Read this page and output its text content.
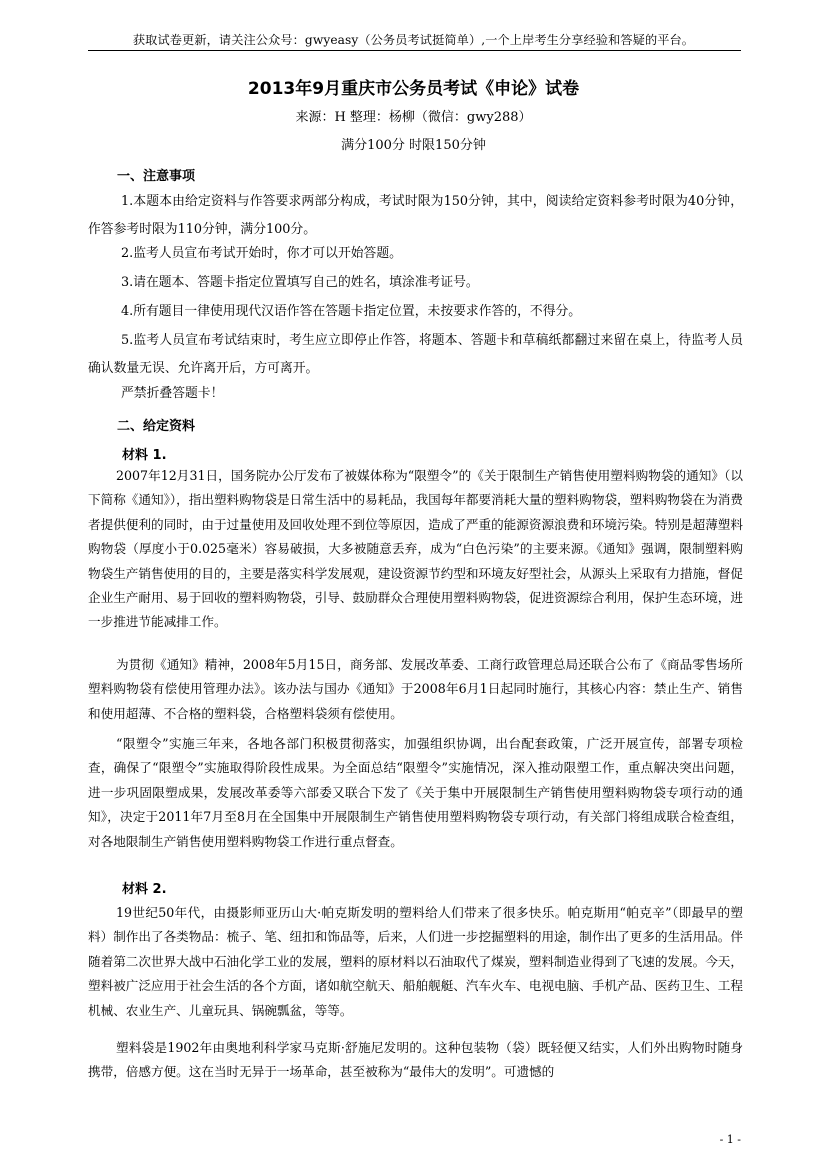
获取试卷更新，请关注公众号：gwyeasy（公务员考试挺简单）,一个上岸考生分享经验和答疑的平台。
2013年9月重庆市公务员考试《申论》试卷
来源：H 整理：杨柳（微信：gwy288）
满分100分 时限150分钟
一、注意事项
1.本题本由给定资料与作答要求两部分构成，考试时限为150分钟，其中，阅读给定资料参考时限为40分钟，作答参考时限为110分钟，满分100分。
2.监考人员宣布考试开始时，你才可以开始答题。
3.请在题本、答题卡指定位置填写自己的姓名，填涂准考证号。
4.所有题目一律使用现代汉语作答在答题卡指定位置，未按要求作答的，不得分。
5.监考人员宣布考试结束时，考生应立即停止作答，将题本、答题卡和草稿纸都翻过来留在桌上，待监考人员确认数量无误、允许离开后，方可离开。
严禁折叠答题卡！
二、给定资料
材料 1.
2007年12月31日，国务院办公厅发布了被媒体称为“限塑令”的《关于限制生产销售使用塑料购物袋的通知》（以下简称《通知》），指出塑料购物袋是日常生活中的易耗品，我国每年都要消耗大量的塑料购物袋，塑料购物袋在为消费者提供便利的同时，由于过量使用及回收处理不到位等原因，造成了严重的能源资源浪费和环境污染。特别是超薄塑料购物袋（厚度小于0.025毫米）容易破损，大多被随意丢弃，成为“白色污染”的主要来源。《通知》强调，限制塑料购物袋生产销售使用的目的，主要是落实科学发展观，建设资源节约型和环境友好型社会，从源头上采取有力措施，督促企业生产耐用、易于回收的塑料购物袋，引导、鼓励群众合理使用塑料购物袋，促进资源综合利用，保护生态环境，进一步推进节能减排工作。
为贯彻《通知》精神，2008年5月15日，商务部、发展改革委、工商行政管理总局还联合公布了《商品零售场所塑料购物袋有偿使用管理办法》。该办法与国办《通知》于2008年6月1日起同时施行，其核心内容：禁止生产、销售和使用超薄、不合格的塑料袋，合格塑料袋须有偿使用。
“限塑令”实施三年来，各地各部门积极贯彻落实，加强组织协调，出台配套政策，广泛开展宣传，部署专项检查，确保了“限塑令”实施取得阶段性成果。为全面总结“限塑令”实施情况，深入推动限塑工作，重点解决突出问题，进一步巩固限塑成果，发展改革委等六部委又联合下发了《关于集中开展限制生产销售使用塑料购物袋专项行动的通知》，决定于2011年7月至8月在全国集中开展限制生产销售使用塑料购物袋专项行动，有关部门将组成联合检查组，对各地限制生产销售使用塑料购物袋工作进行重点督查。
材料 2.
19世纪50年代，由摄影师亚历山大·帕克斯发明的塑料给人们带来了很多快乐。帕克斯用“帕克辛”（即最早的塑料）制作出了各类物品：梳子、笔、纽扣和饰品等，后来，人们进一步挖掘塑料的用途，制作出了更多的生活用品。伴随着第二次世界大战中石油化学工业的发展，塑料的原材料以石油取代了煤炭，塑料制造业得到了飞速的发展。今天，塑料被广泛应用于社会生活的各个方面，诸如航空航天、船舶舰艇、汽车火车、电视电脑、手机产品、医药卫生、工程机械、农业生产、儿童玩具、锅碗瓢盆，等等。
塑料袋是1902年由奥地利科学家马克斯·舒施尼发明的。这种包装物（袋）既轻便又结实，人们外出购物时随身携带，倍感方便。这在当时无异于一场革命，甚至被称为“最伟大的发明”。可遗憾的
- 1 -
